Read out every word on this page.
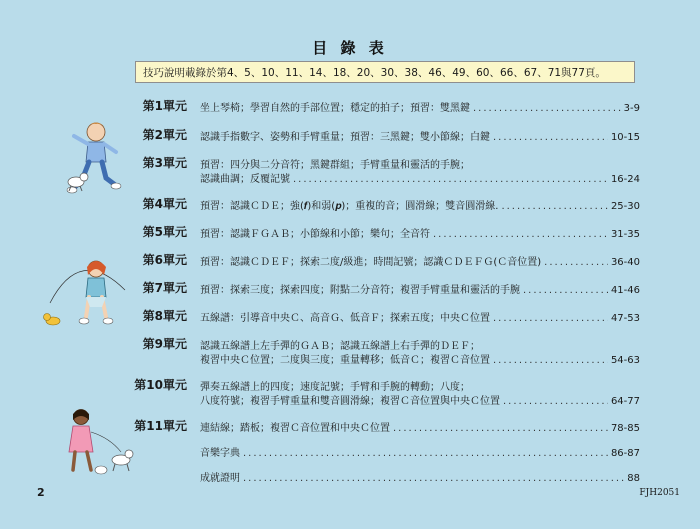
目 錄 表
技巧說明載錄於第4、5、10、11、14、18、20、30、38、46、49、60、66、67、71與77頁。
第1單元 坐上琴椅；學習自然的手部位置；穩定的拍子；預習：雙黑鍵 .....	3-9
第2單元 認識手指數字、姿勢和手臂重量；預習：三黑鍵；雙小節線；白鍵 .....	10-15
第3單元 預習：四分與二分音符；黑鍵群組；手臂重量和靈活的手腕；
認識曲調；反覆記號 .....	16-24
第4單元 預習：認識ＣＤＥ；強(𝒇)和弱(𝒑)；重複的音；圓滑線；雙音圓滑線. .....	25-30
第5單元 預習：認識ＦＧＡＢ；小節線和小節；樂句；全音符 .....	31-35
第6單元 預習：認識ＣＤＥＦ；探索二度/級進；時間記號；認識ＣＤＥＦＧ(Ｃ音位置) .....	36-40
第7單元 預習：探索三度；探索四度；附點二分音符；複習手臂重量和靈活的手腕 .....	41-46
第8單元 五線譜：引導音中央Ｃ、高音Ｇ、低音Ｆ；探索五度；中央Ｃ位置 .....	47-53
第9單元 認識五線譜上左手彈的ＧＡＢ；認識五線譜上右手彈的ＤＥＦ；
複習中央Ｃ位置；二度與三度；重量轉移；低音Ｃ；複習Ｃ音位置 .....	54-63
第10單元 彈奏五線譜上的四度；速度記號；手臂和手腕的轉動；八度；
八度符號；複習手臂重量和雙音圓滑線；複習Ｃ音位置與中央Ｃ位置 .....	64-77
第11單元 連結線；踏板；複習Ｃ音位置和中央Ｃ位置 .....	78-85
音樂字典 .....	86-87
成就證明 .....	88
2	FJH2051
